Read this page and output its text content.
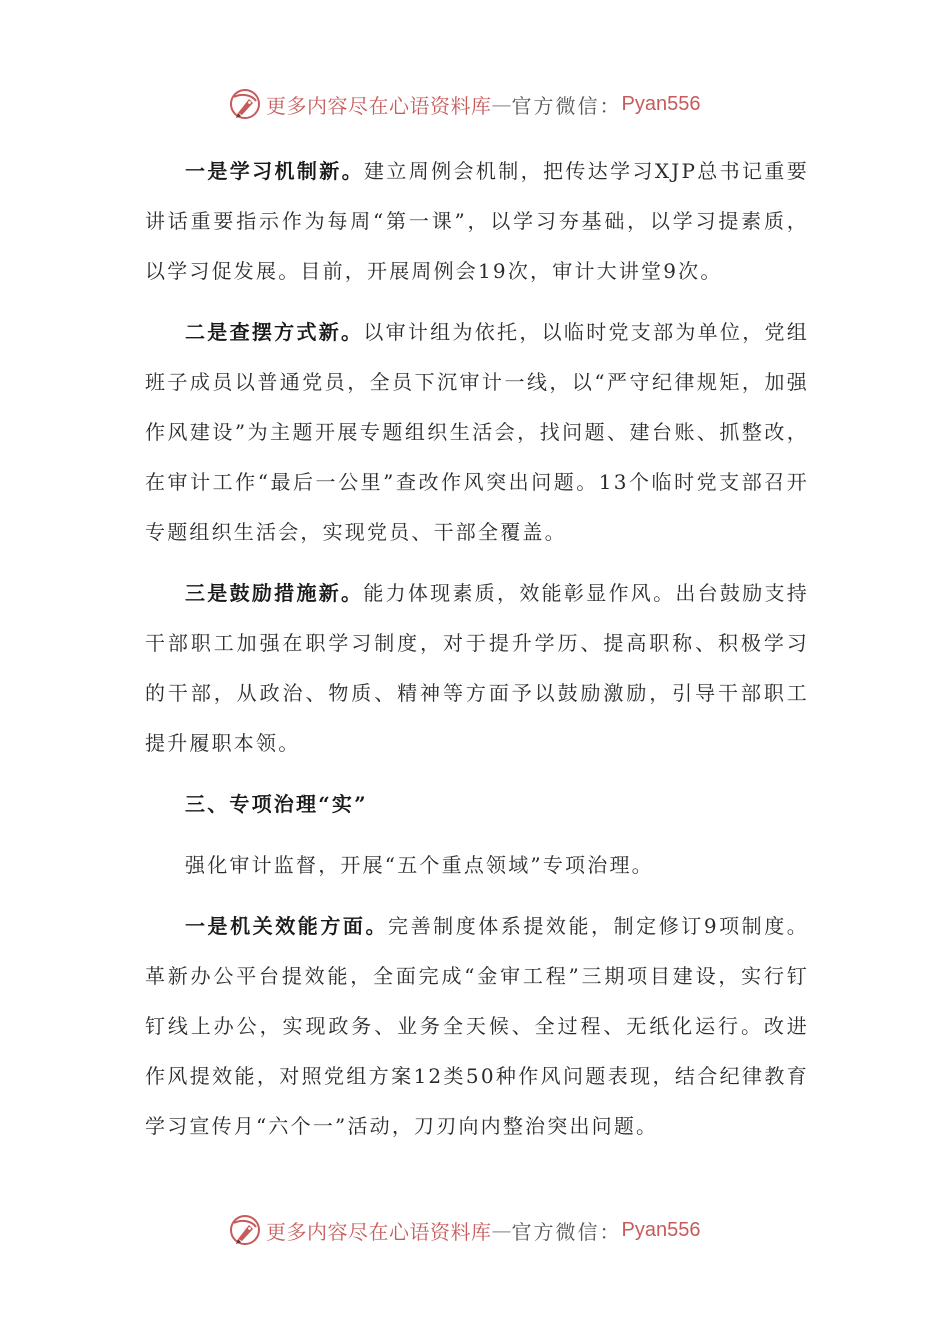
更多内容尽在心语资料库 — 官方微信： Pyan556

一是学习机制新。建立周例会机制，把传达学习XJP总书记重要讲话重要指示作为每周“第一课”，以学习夯基础，以学习提素质，以学习促发展。目前，开展周例会19次，审计大讲堂9次。

二是查摆方式新。以审计组为依托，以临时党支部为单位，党组班子成员以普通党员，全员下沉审计一线，以“严守纪律规矩，加强作风建设”为主题开展专题组织生活会，找问题、建台账、抓整改，在审计工作“最后一公里”查改作风突出问题。13个临时党支部召开专题组织生活会，实现党员、干部全覆盖。

三是鼓励措施新。能力体现素质，效能彰显作风。出台鼓励支持干部职工加强在职学习制度，对于提升学历、提高职称、积极学习的干部，从政治、物质、精神等方面予以鼓励激励，引导干部职工提升履职本领。

三、专项治理“实”

强化审计监督，开展“五个重点领域”专项治理。

一是机关效能方面。完善制度体系提效能，制定修订9项制度。革新办公平台提效能，全面完成“金审工程”三期项目建设，实行钉钉线上办公，实现政务、业务全天候、全过程、无纸化运行。改进作风提效能，对照党组方案12类50种作风问题表现，结合纪律教育学习宣传月“六个一”活动，刀刃向内整治突出问题。

更多内容尽在心语资料库 — 官方微信： Pyan556
